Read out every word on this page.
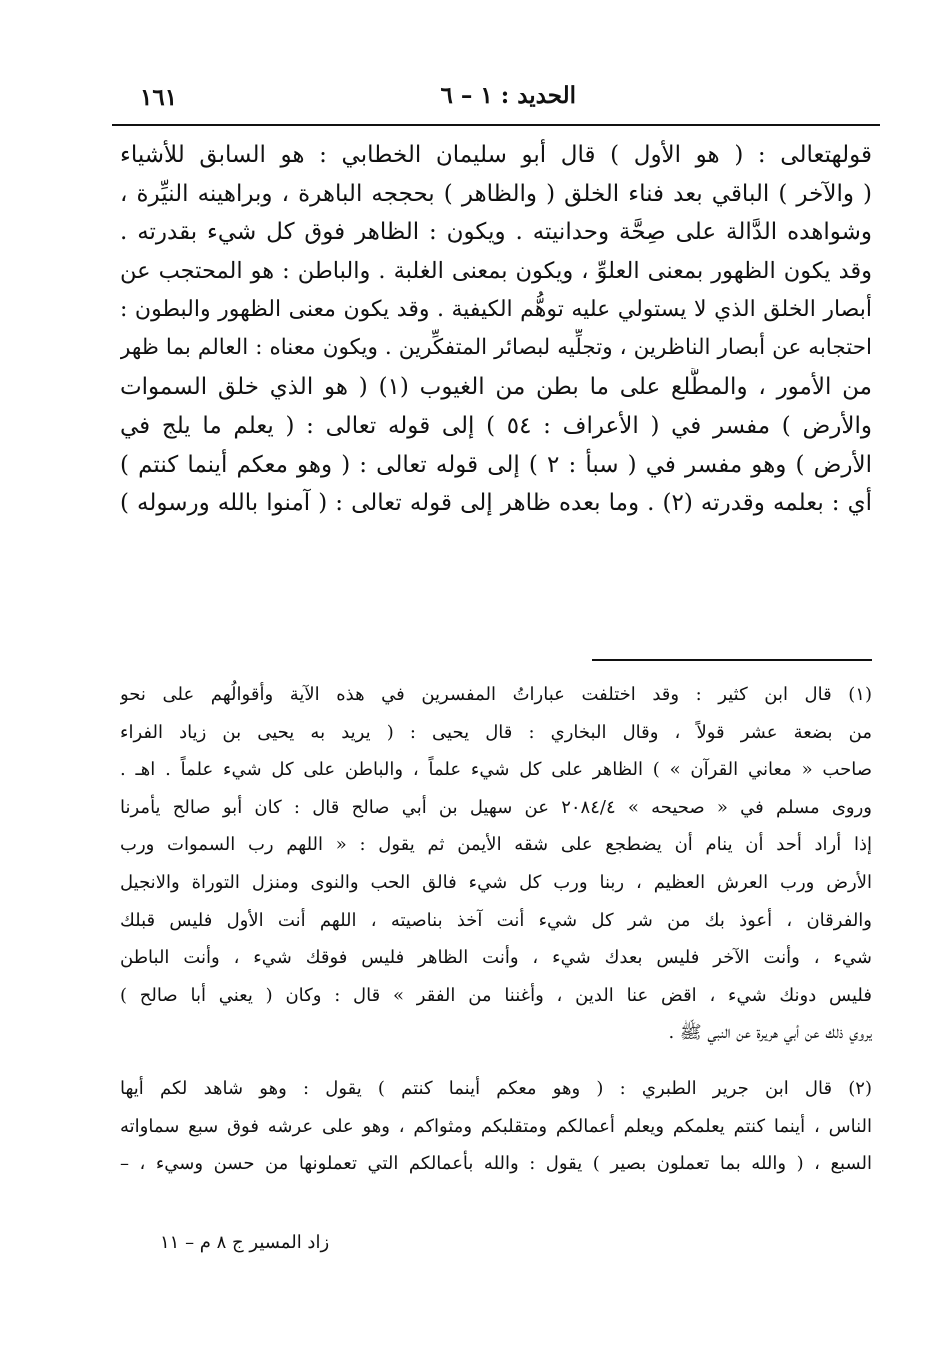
الحديد : ١ – ٦
١٦١
قولهتعالى : ( هو الأول ) قال أبو سليمان الخطابي : هو السابق للأشياء
( والآخر ) الباقي بعد فناء الخلق ( والظاهر ) بحججه الباهرة ، وبراهينه النيِّرة ،
وشواهده الدَّالة على صِحَّة وحدانيته . ويكون : الظاهر فوق كل شيء بقدرته .
وقد يكون الظهور بمعنى العلوِّ ، ويكون بمعنى الغلبة . والباطن : هو المحتجب عن
أبصار الخلق الذي لا يستولي عليه توهُّم الكيفية . وقد يكون معنى الظهور والبطون :
احتجابه عن أبصار الناظرين ، وتجلِّيه لبصائر المتفكِّرين . ويكون معناه : العالم بما ظهر
من الأمور ، والمطَّلع على ما بطن من الغيوب (١) ( هو الذي خلق السموات
والأرض ) مفسر في ( الأعراف : ٥٤ ) إلى قوله تعالى : ( يعلم ما يلج في
الأرض ) وهو مفسر في ( سبأ : ٢ ) إلى قوله تعالى : ( وهو معكم أينما كنتم )
أي : بعلمه وقدرته (٢) . وما بعده ظاهر إلى قوله تعالى : ( آمنوا بالله ورسوله )
(١) قال ابن كثير : وقد اختلفت عباراتُ المفسرين في هذه الآية وأقوالُهم على نحو
من بضعة عشر قولاً ، وقال البخاري : قال يحيى : ( يريد به يحيى بن زياد الفراء
صاحب « معاني القرآن » ) الظاهر على كل شيء علماً ، والباطن على كل شيء علماً . اهـ .
وروى مسلم في « صحيحه » ٢٠٨٤/٤ عن سهيل بن أبي صالح قال : كان أبو صالح يأمرنا
إذا أراد أحد أن ينام أن يضطجع على شقه الأيمن ثم يقول : « اللهم رب السموات ورب
الأرض ورب العرش العظيم ، ربنا ورب كل شيء فالق الحب والنوى ومنزل التوراة والانجيل
والفرقان ، أعوذ بك من شر كل شيء أنت آخذ بناصيته ، اللهم أنت الأول فليس قبلك
شيء ، وأنت الآخر فليس بعدك شيء ، وأنت الظاهر فليس فوقك شيء ، وأنت الباطن
فليس دونك شيء ، اقض عنا الدين ، وأغننا من الفقر » قال : وكان ( يعني أبا صالح )
يروي ذلك عن أبي هريرة عن النبي ﷺ .
(٢) قال ابن جرير الطبري : ( وهو معكم أينما كنتم ) يقول : وهو شاهد لكم أيها
الناس ، أينما كنتم يعلمكم ويعلم أعمالكم ومتقلبكم ومثواكم ، وهو على عرشه فوق سبع سماواته
السبع ، ( والله بما تعملون بصير ) يقول : والله بأعمالكم التي تعملونها من حسن وسيء ، –
زاد المسير ج ٨ م – ١١
